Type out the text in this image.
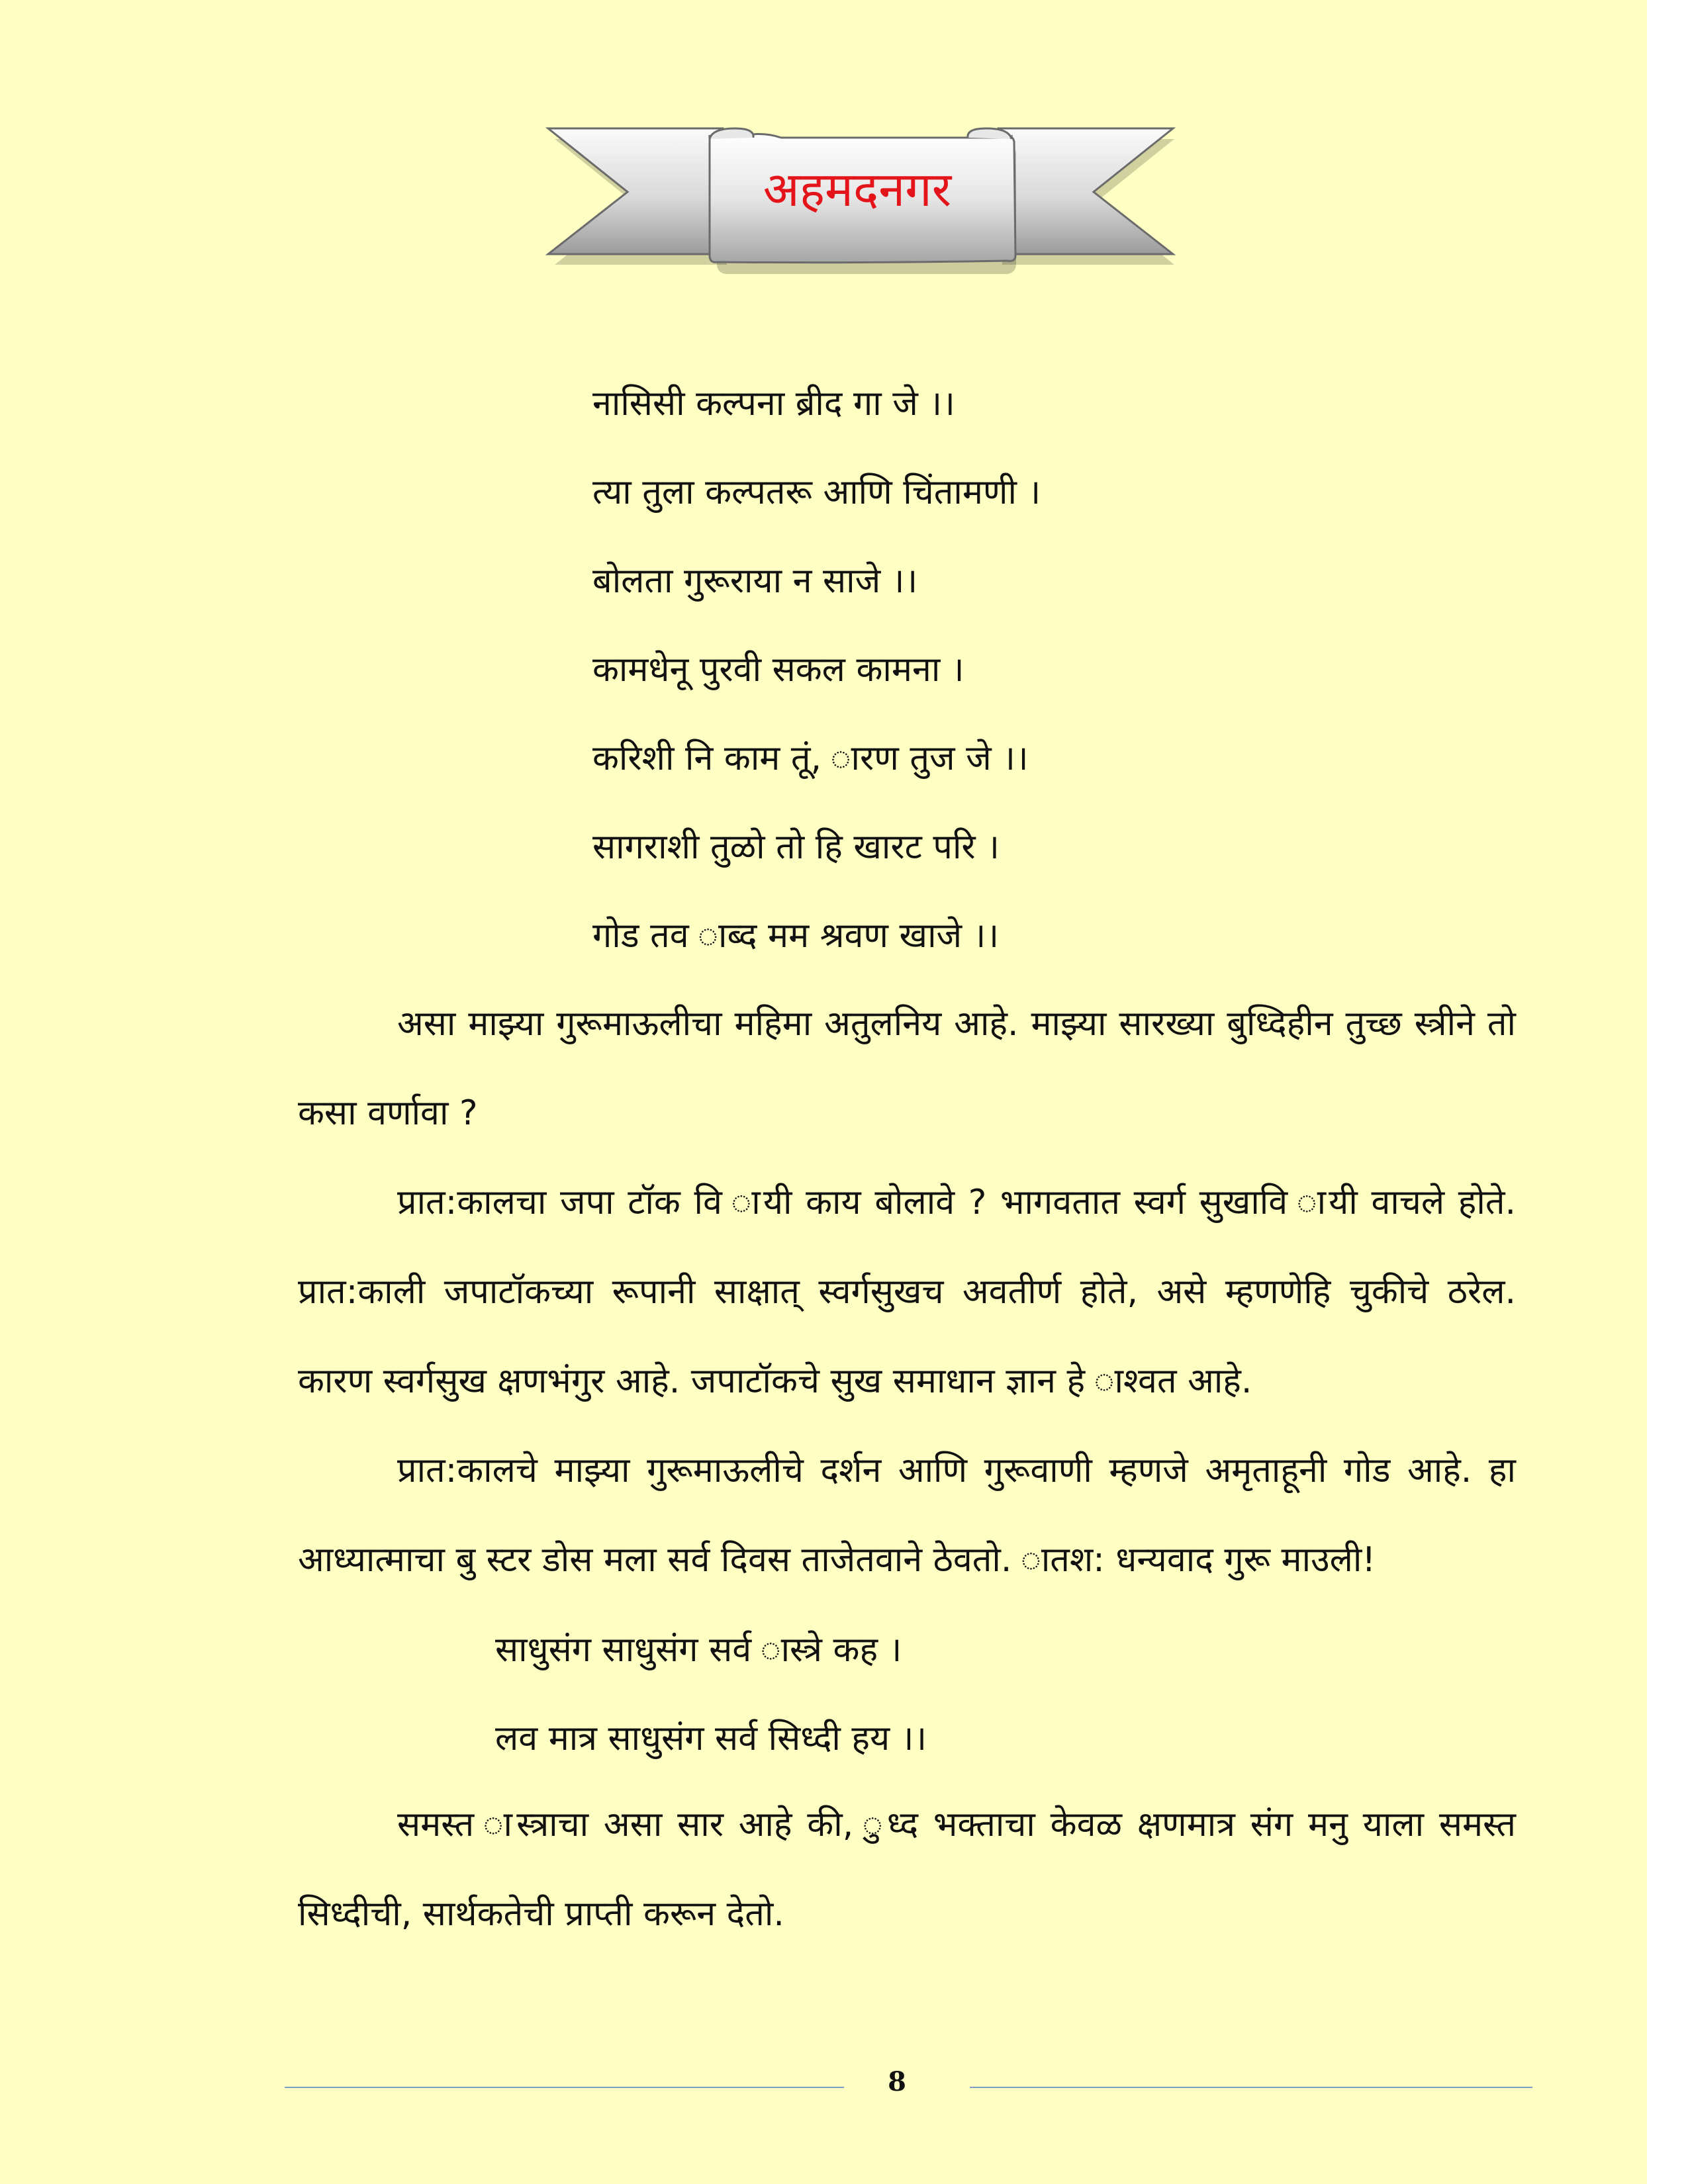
अहमदनगर
नासिसी कल्पना ब्रीद गा जे ।।
त्या तुला कल्पतरू आणि चिंतामणी ।
बोलता गुरूराया न साजे ।।
कामधेनू पुरवी सकल कामना ।
करिशी नि काम तूं, ारण तुज जे ।।
सागराशी तुळो तो हि खारट परि ।
गोड तव ाब्द मम श्रवण खाजे ।।
असा माझ्या गुरूमाऊलीचा महिमा अतुलनिय आहे. माझ्या सारख्या बुध्दिहीन तुच्छ स्त्रीने तो कसा वर्णावा ?
प्रात:कालचा जपा टॉक वि ायी काय बोलावे ? भागवतात स्वर्ग सुखावि ायी वाचले होते. प्रात:काली जपाटॉकच्या रूपानी साक्षात् स्वर्गसुखच अवतीर्ण होते, असे म्हणणेहि चुकीचे ठरेल. कारण स्वर्गसुख क्षणभंगुर आहे. जपाटॉकचे सुख समाधान ज्ञान हे ाश्वत आहे.
प्रात:कालचे माझ्या गुरूमाऊलीचे दर्शन आणि गुरूवाणी म्हणजे अमृताहूनी गोड आहे. हा आध्यात्माचा बु स्टर डोस मला सर्व दिवस ताजेतवाने ठेवतो. ातश: धन्यवाद गुरू माउली!
साधुसंग साधुसंग सर्व ास्त्रे कह ।
लव मात्र साधुसंग सर्व सिध्दी हय ।।
समस्त ास्त्राचा असा सार आहे की, ुध्द भक्ताचा केवळ क्षणमात्र संग मनु याला समस्त सिध्दीची, सार्थकतेची प्राप्ती करून देतो.
8
